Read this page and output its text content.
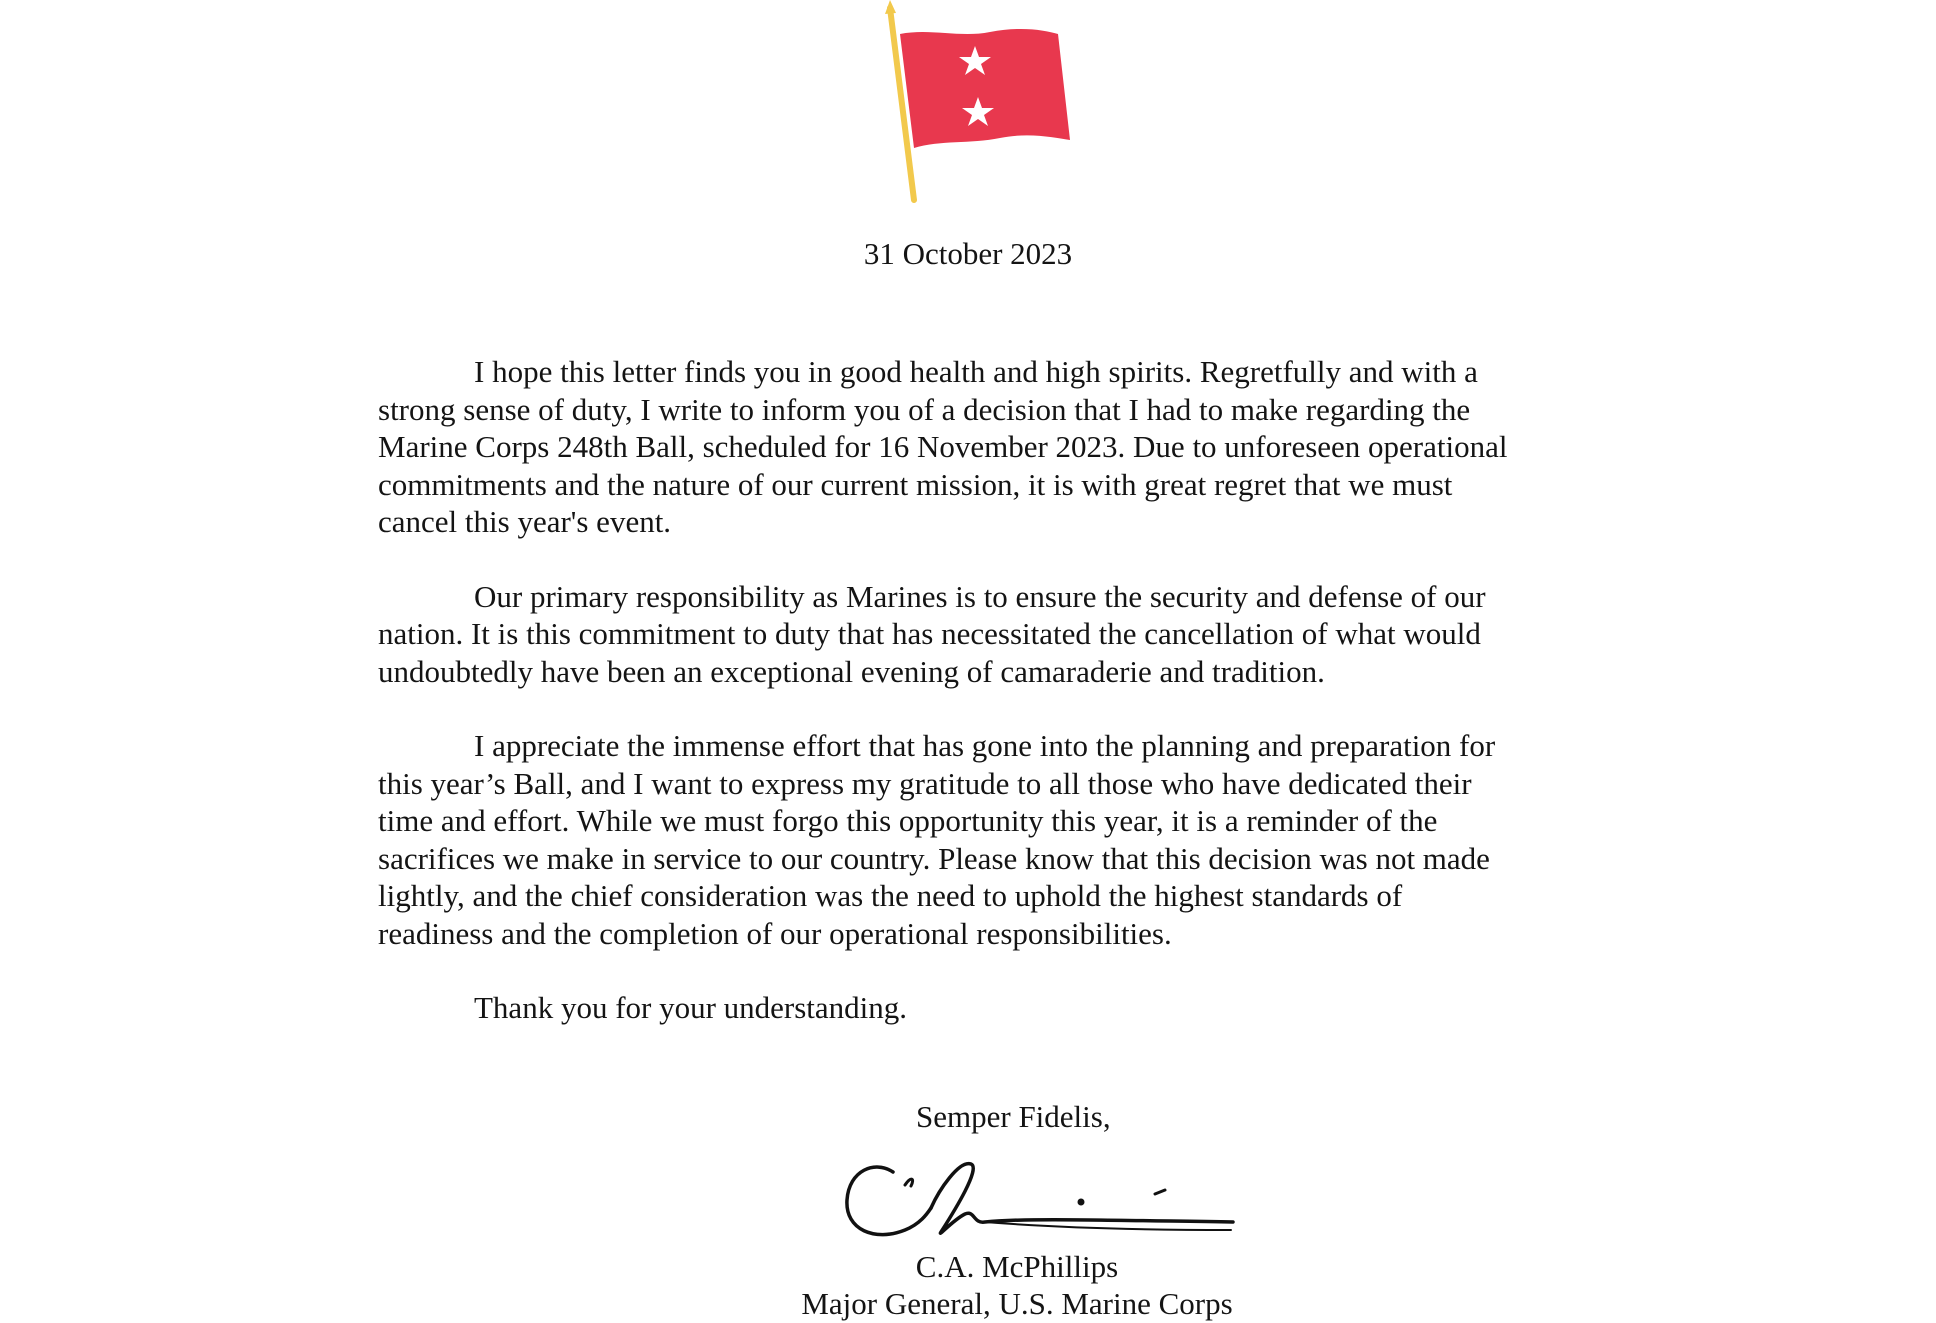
31 October 2023
I hope this letter finds you in good health and high spirits. Regretfully and with a
strong sense of duty, I write to inform you of a decision that I had to make regarding the
Marine Corps 248th Ball, scheduled for 16 November 2023. Due to unforeseen operational
commitments and the nature of our current mission, it is with great regret that we must
cancel this year's event.
Our primary responsibility as Marines is to ensure the security and defense of our
nation. It is this commitment to duty that has necessitated the cancellation of what would
undoubtedly have been an exceptional evening of camaraderie and tradition.
I appreciate the immense effort that has gone into the planning and preparation for
this year’s Ball, and I want to express my gratitude to all those who have dedicated their
time and effort. While we must forgo this opportunity this year, it is a reminder of the
sacrifices we make in service to our country. Please know that this decision was not made
lightly, and the chief consideration was the need to uphold the highest standards of
readiness and the completion of our operational responsibilities.
Thank you for your understanding.
Semper Fidelis,
C.A. McPhillips
Major General, U.S. Marine Corps
